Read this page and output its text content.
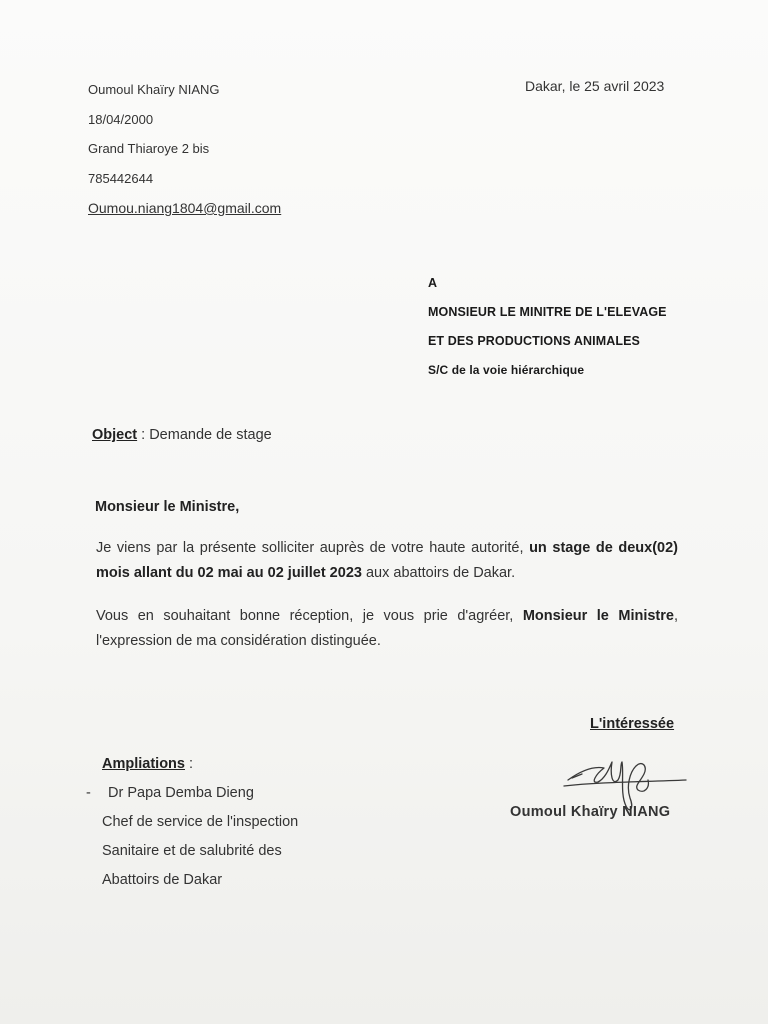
Oumoul Khaïry NIANG
18/04/2000
Grand Thiaroye 2 bis
785442644
Oumou.niang1804@gmail.com
Dakar, le 25 avril 2023
A
MONSIEUR LE MINITRE DE L'ELEVAGE
ET DES PRODUCTIONS ANIMALES
S/C de la voie hiérarchique
Object : Demande de stage
Monsieur le Ministre,
Je viens par la présente solliciter auprès de votre haute autorité, un stage de deux(02) mois allant du 02 mai au 02 juillet 2023 aux abattoirs de Dakar.
Vous en souhaitant bonne réception, je vous prie d'agréer, Monsieur le Ministre, l'expression de ma considération distinguée.
L'intéressée
Oumoul Khaïry NIANG
Ampliations :
- Dr Papa Demba Dieng
Chef de service de l'inspection
Sanitaire et de salubrité des
Abattoirs de Dakar
